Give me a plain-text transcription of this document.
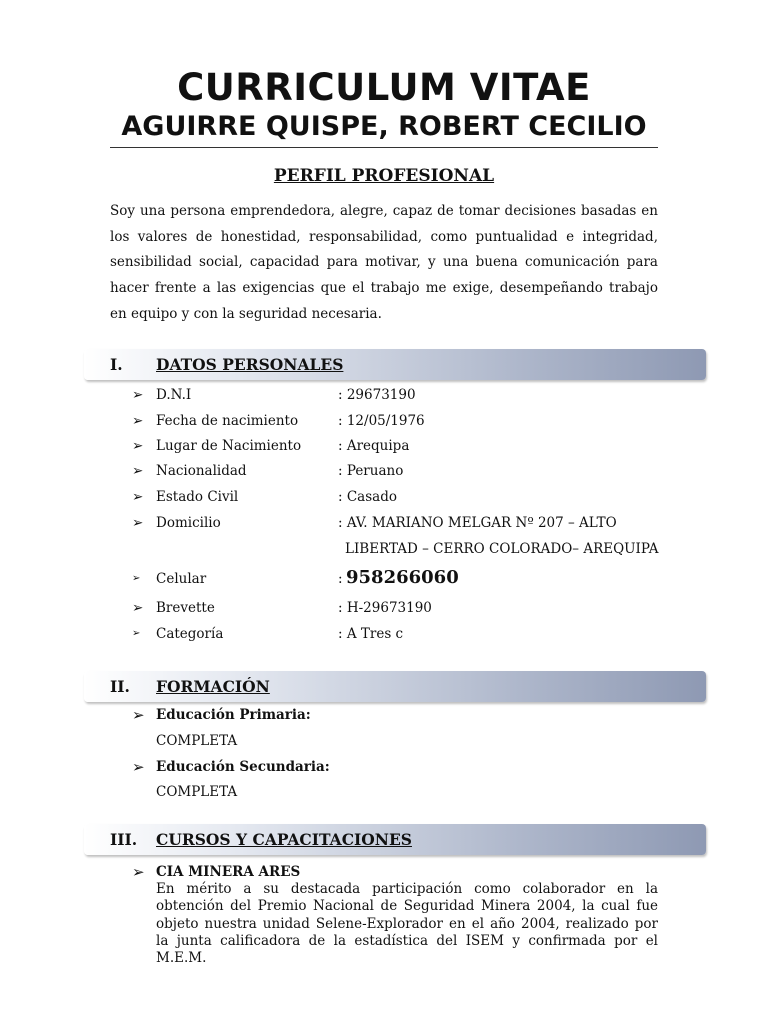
CURRICULUM VITAE
AGUIRRE QUISPE, ROBERT CECILIO
PERFIL PROFESIONAL
Soy una persona emprendedora, alegre, capaz de tomar decisiones basadas en los valores de honestidad, responsabilidad, como puntualidad e integridad, sensibilidad social, capacidad para motivar, y una buena comunicación para hacer frente a las exigencias que el trabajo me exige, desempeñando trabajo en equipo y con la seguridad necesaria.
I. DATOS PERSONALES
➢ D.N.I	: 29673190
➢ Fecha de nacimiento	: 12/05/1976
➢ Lugar de Nacimiento	: Arequipa
➢ Nacionalidad	: Peruano
➢ Estado Civil	: Casado
➢ Domicilio	: AV. MARIANO MELGAR Nº 207 – ALTO
LIBERTAD – CERRO COLORADO– AREQUIPA
➢ Celular	: 958266060
➢ Brevette	: H-29673190
➢ Categoría	: A Tres c
II. FORMACIÓN
➢ Educación Primaria:
COMPLETA
➢ Educación Secundaria:
COMPLETA
III. CURSOS Y CAPACITACIONES
➢ CIA MINERA ARES
En mérito a su destacada participación como colaborador en la obtención del Premio Nacional de Seguridad Minera 2004, la cual fue objeto nuestra unidad Selene-Explorador en el año 2004, realizado por la junta calificadora de la estadística del ISEM y confirmada por el M.E.M.
